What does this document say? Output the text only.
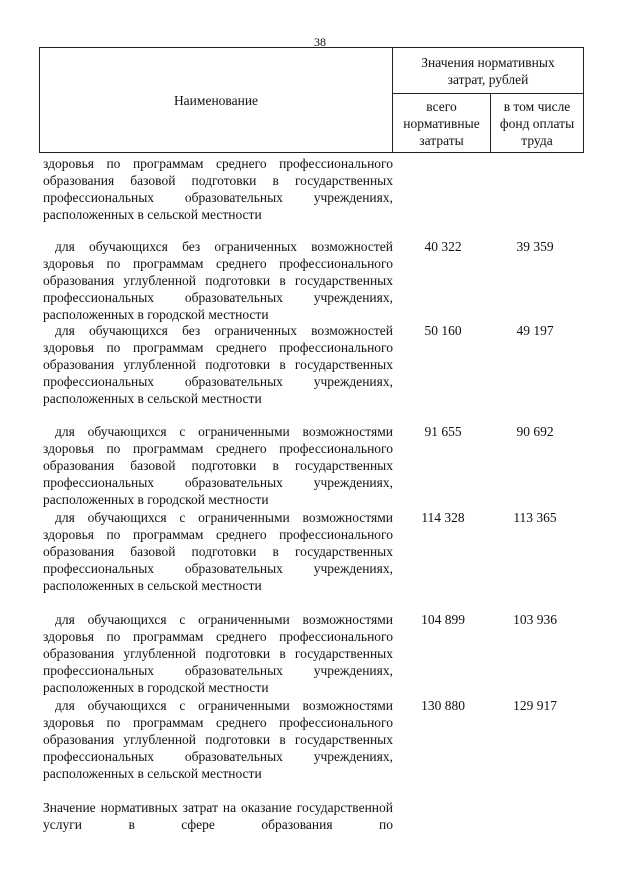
38
Наименование
Значения нормативных
затрат, рублей
всего
нормативные
затраты
в том числе
фонд оплаты
труда
здоровья по программам среднего профессионального образования базовой подготовки в государственных профессиональных образовательных учреждениях, расположенных в сельской местности
для обучающихся без ограниченных возможностей здоровья по программам среднего профессионального образования углубленной подготовки в государственных профессиональных образовательных учреждениях, расположенных в городской местности
40 322	39 359
для обучающихся без ограниченных возможностей здоровья по программам среднего профессионального образования углубленной подготовки в государственных профессиональных образовательных учреждениях, расположенных в сельской местности
50 160	49 197
для обучающихся с ограниченными возможностями здоровья по программам среднего профессионального образования базовой подготовки в государственных профессиональных образовательных учреждениях, расположенных в городской местности
91 655	90 692
для обучающихся с ограниченными возможностями здоровья по программам среднего профессионального образования базовой подготовки в государственных профессиональных образовательных учреждениях, расположенных в сельской местности
114 328	113 365
для обучающихся с ограниченными возможностями здоровья по программам среднего профессионального образования углубленной подготовки в государственных профессиональных образовательных учреждениях, расположенных в городской местности
104 899	103 936
для обучающихся с ограниченными возможностями здоровья по программам среднего профессионального образования углубленной подготовки в государственных профессиональных образовательных учреждениях, расположенных в сельской местности
130 880	129 917
Значение нормативных затрат на оказание государственной услуги в сфере образования по
